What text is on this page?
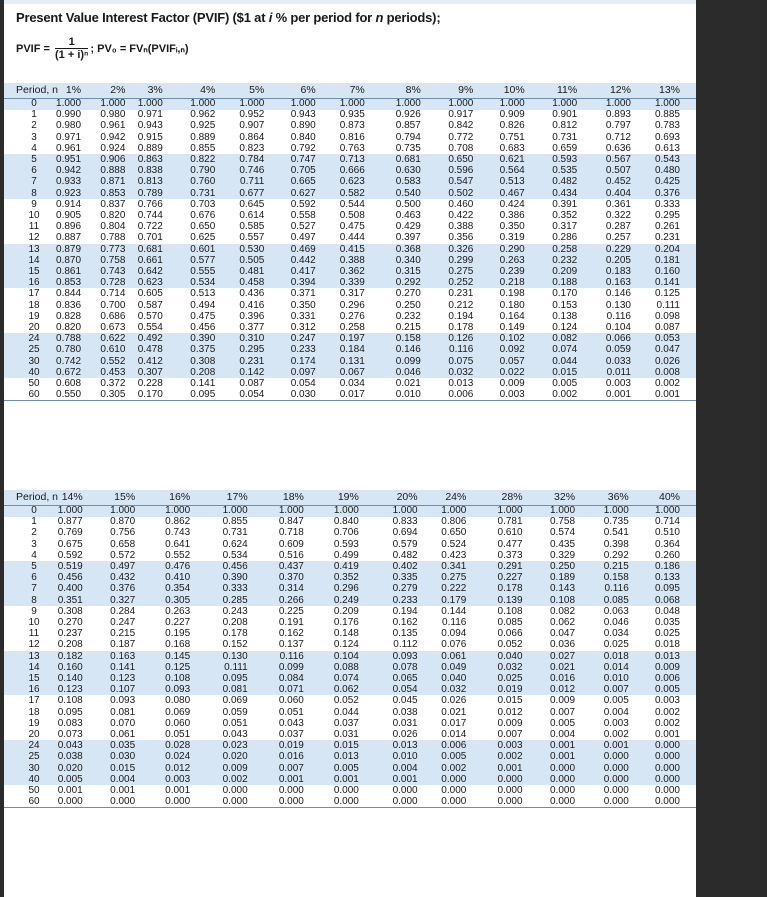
Present Value Interest Factor (PVIF) ($1 at i % per period for n periods);
PVIF = $\frac{1}{\text{(1 + i)ⁿ}}$ ; PV₀ = FVₙ(PVIFᵢ,ₙ)
Period, n 1%	2%	3%	4%	5%	6%	7%	8%	9%	10%	11%	12%	13%
0	1.000	1.000	1.000	1.000	1.000	1.000	1.000	1.000	1.000	1.000	1.000	1.000	1.000
1	0.990	0.980	0.971	0.962	0.952	0.943	0.935	0.926	0.917	0.909	0.901	0.893	0.885
2	0.980	0.961	0.943	0.925	0.907	0.890	0.873	0.857	0.842	0.826	0.812	0.797	0.783
3	0.971	0.942	0.915	0.889	0.864	0.840	0.816	0.794	0.772	0.751	0.731	0.712	0.693
4	0.961	0.924	0.889	0.855	0.823	0.792	0.763	0.735	0.708	0.683	0.659	0.636	0.613
5	0.951	0.906	0.863	0.822	0.784	0.747	0.713	0.681	0.650	0.621	0.593	0.567	0.543
6	0.942	0.888	0.838	0.790	0.746	0.705	0.666	0.630	0.596	0.564	0.535	0.507	0.480
7	0.933	0.871	0.813	0.760	0.711	0.665	0.623	0.583	0.547	0.513	0.482	0.452	0.425
8	0.923	0.853	0.789	0.731	0.677	0.627	0.582	0.540	0.502	0.467	0.434	0.404	0.376
9	0.914	0.837	0.766	0.703	0.645	0.592	0.544	0.500	0.460	0.424	0.391	0.361	0.333
10	0.905	0.820	0.744	0.676	0.614	0.558	0.508	0.463	0.422	0.386	0.352	0.322	0.295
11	0.896	0.804	0.722	0.650	0.585	0.527	0.475	0.429	0.388	0.350	0.317	0.287	0.261
12	0.887	0.788	0.701	0.625	0.557	0.497	0.444	0.397	0.356	0.319	0.286	0.257	0.231
13	0.879	0.773	0.681	0.601	0.530	0.469	0.415	0.368	0.326	0.290	0.258	0.229	0.204
14	0.870	0.758	0.661	0.577	0.505	0.442	0.388	0.340	0.299	0.263	0.232	0.205	0.181
15	0.861	0.743	0.642	0.555	0.481	0.417	0.362	0.315	0.275	0.239	0.209	0.183	0.160
16	0.853	0.728	0.623	0.534	0.458	0.394	0.339	0.292	0.252	0.218	0.188	0.163	0.141
17	0.844	0.714	0.605	0.513	0.436	0.371	0.317	0.270	0.231	0.198	0.170	0.146	0.125
18	0.836	0.700	0.587	0.494	0.416	0.350	0.296	0.250	0.212	0.180	0.153	0.130	0.111
19	0.828	0.686	0.570	0.475	0.396	0.331	0.276	0.232	0.194	0.164	0.138	0.116	0.098
20	0.820	0.673	0.554	0.456	0.377	0.312	0.258	0.215	0.178	0.149	0.124	0.104	0.087
24	0.788	0.622	0.492	0.390	0.310	0.247	0.197	0.158	0.126	0.102	0.082	0.066	0.053
25	0.780	0.610	0.478	0.375	0.295	0.233	0.184	0.146	0.116	0.092	0.074	0.059	0.047
30	0.742	0.552	0.412	0.308	0.231	0.174	0.131	0.099	0.075	0.057	0.044	0.033	0.026
40	0.672	0.453	0.307	0.208	0.142	0.097	0.067	0.046	0.032	0.022	0.015	0.011	0.008
50	0.608	0.372	0.228	0.141	0.087	0.054	0.034	0.021	0.013	0.009	0.005	0.003	0.002
60	0.550	0.305	0.170	0.095	0.054	0.030	0.017	0.010	0.006	0.003	0.002	0.001	0.001
Period, n 14%	15%	16%	17%	18%	19%	20%	24%	28%	32%	36%	40%
0	1.000	1.000	1.000	1.000	1.000	1.000	1.000	1.000	1.000	1.000	1.000	1.000
1	0.877	0.870	0.862	0.855	0.847	0.840	0.833	0.806	0.781	0.758	0.735	0.714
2	0.769	0.756	0.743	0.731	0.718	0.706	0.694	0.650	0.610	0.574	0.541	0.510
3	0.675	0.658	0.641	0.624	0.609	0.593	0.579	0.524	0.477	0.435	0.398	0.364
4	0.592	0.572	0.552	0.534	0.516	0.499	0.482	0.423	0.373	0.329	0.292	0.260
5	0.519	0.497	0.476	0.456	0.437	0.419	0.402	0.341	0.291	0.250	0.215	0.186
6	0.456	0.432	0.410	0.390	0.370	0.352	0.335	0.275	0.227	0.189	0.158	0.133
7	0.400	0.376	0.354	0.333	0.314	0.296	0.279	0.222	0.178	0.143	0.116	0.095
8	0.351	0.327	0.305	0.285	0.266	0.249	0.233	0.179	0.139	0.108	0.085	0.068
9	0.308	0.284	0.263	0.243	0.225	0.209	0.194	0.144	0.108	0.082	0.063	0.048
10	0.270	0.247	0.227	0.208	0.191	0.176	0.162	0.116	0.085	0.062	0.046	0.035
11	0.237	0.215	0.195	0.178	0.162	0.148	0.135	0.094	0.066	0.047	0.034	0.025
12	0.208	0.187	0.168	0.152	0.137	0.124	0.112	0.076	0.052	0.036	0.025	0.018
13	0.182	0.163	0.145	0.130	0.116	0.104	0.093	0.061	0.040	0.027	0.018	0.013
14	0.160	0.141	0.125	0.111	0.099	0.088	0.078	0.049	0.032	0.021	0.014	0.009
15	0.140	0.123	0.108	0.095	0.084	0.074	0.065	0.040	0.025	0.016	0.010	0.006
16	0.123	0.107	0.093	0.081	0.071	0.062	0.054	0.032	0.019	0.012	0.007	0.005
17	0.108	0.093	0.080	0.069	0.060	0.052	0.045	0.026	0.015	0.009	0.005	0.003
18	0.095	0.081	0.069	0.059	0.051	0.044	0.038	0.021	0.012	0.007	0.004	0.002
19	0.083	0.070	0.060	0.051	0.043	0.037	0.031	0.017	0.009	0.005	0.003	0.002
20	0.073	0.061	0.051	0.043	0.037	0.031	0.026	0.014	0.007	0.004	0.002	0.001
24	0.043	0.035	0.028	0.023	0.019	0.015	0.013	0.006	0.003	0.001	0.001	0.000
25	0.038	0.030	0.024	0.020	0.016	0.013	0.010	0.005	0.002	0.001	0.000	0.000
30	0.020	0.015	0.012	0.009	0.007	0.005	0.004	0.002	0.001	0.000	0.000	0.000
40	0.005	0.004	0.003	0.002	0.001	0.001	0.001	0.000	0.000	0.000	0.000	0.000
50	0.001	0.001	0.001	0.000	0.000	0.000	0.000	0.000	0.000	0.000	0.000	0.000
60	0.000	0.000	0.000	0.000	0.000	0.000	0.000	0.000	0.000	0.000	0.000	0.000
